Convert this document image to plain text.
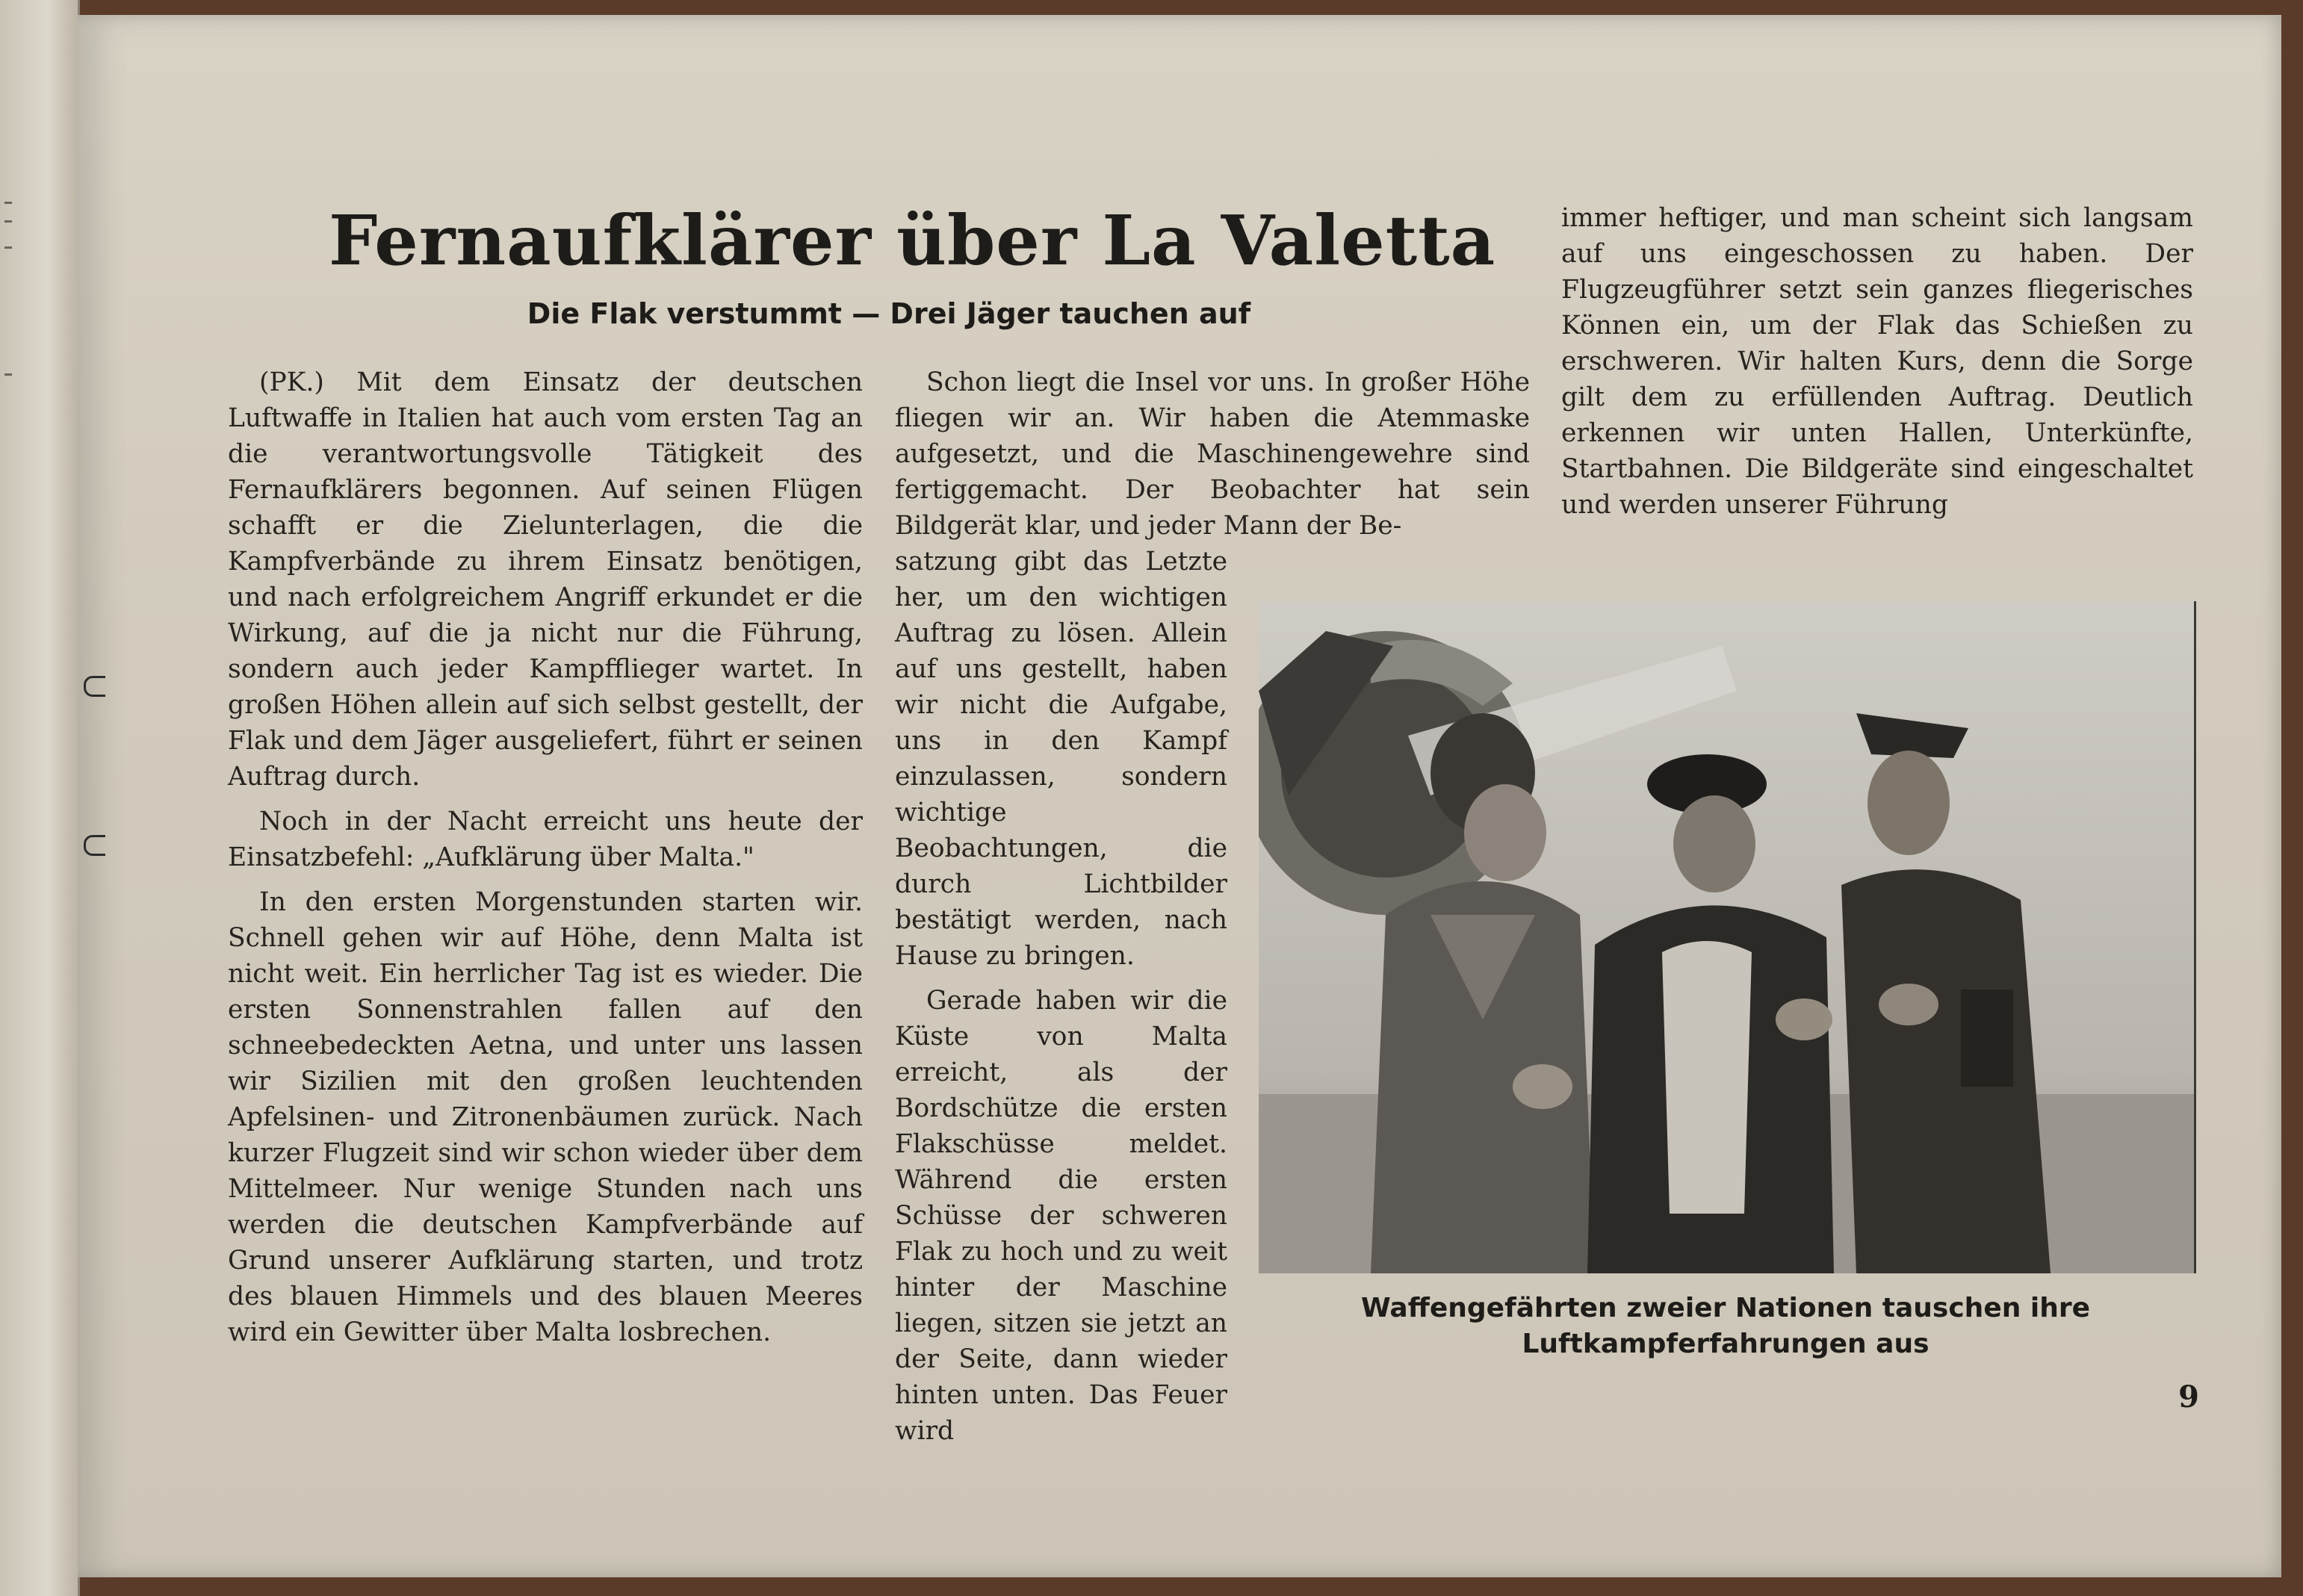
Fernaufklärer über La Valetta
Die Flak verstummt — Drei Jäger tauchen auf

(PK.) Mit dem Einsatz der deutschen Luftwaffe in Italien hat auch vom ersten Tag an die verantwortungsvolle Tätigkeit des Fernaufklärers begonnen. Auf seinen Flügen schafft er die Zielunterlagen, die die Kampfverbände zu ihrem Einsatz benötigen, und nach erfolgreichem Angriff erkundet er die Wirkung, auf die ja nicht nur die Führung, sondern auch jeder Kampfflieger wartet. In großen Höhen allein auf sich selbst gestellt, der Flak und dem Jäger ausgeliefert, führt er seinen Auftrag durch.

Noch in der Nacht erreicht uns heute der Einsatzbefehl: „Aufklärung über Malta."

In den ersten Morgenstunden starten wir. Schnell gehen wir auf Höhe, denn Malta ist nicht weit. Ein herrlicher Tag ist es wieder. Die ersten Sonnenstrahlen fallen auf den schneebedeckten Aetna, und unter uns lassen wir Sizilien mit den großen leuchtenden Apfelsinen- und Zitronenbäumen zurück. Nach kurzer Flugzeit sind wir schon wieder über dem Mittelmeer. Nur wenige Stunden nach uns werden die deutschen Kampfverbände auf Grund unserer Aufklärung starten, und trotz des blauen Himmels und des blauen Meeres wird ein Gewitter über Malta losbrechen.

Schon liegt die Insel vor uns. In großer Höhe fliegen wir an. Wir haben die Atemmaske aufgesetzt, und die Maschinengewehre sind fertiggemacht. Der Beobachter hat sein Bildgerät klar, und jeder Mann der Be-

satzung gibt das Letzte her, um den wichtigen Auftrag zu lösen. Allein auf uns gestellt, haben wir nicht die Aufgabe, uns in den Kampf einzulassen, sondern wichtige Beobachtungen, die durch Lichtbilder bestätigt werden, nach Hause zu bringen.

Gerade haben wir die Küste von Malta erreicht, als der Bordschütze die ersten Flakschüsse meldet. Während die ersten Schüsse der schweren Flak zu hoch und zu weit hinter der Maschine liegen, sitzen sie jetzt an der Seite, dann wieder hinten unten. Das Feuer wird

immer heftiger, und man scheint sich langsam auf uns eingeschossen zu haben. Der Flugzeugführer setzt sein ganzes fliegerisches Können ein, um der Flak das Schießen zu erschweren. Wir halten Kurs, denn die Sorge gilt dem zu erfüllenden Auftrag. Deutlich erkennen wir unten Hallen, Unterkünfte, Startbahnen. Die Bildgeräte sind eingeschaltet und werden unserer Führung

Waffengefährten zweier Nationen tauschen ihre Luftkampferfahrungen aus
9
